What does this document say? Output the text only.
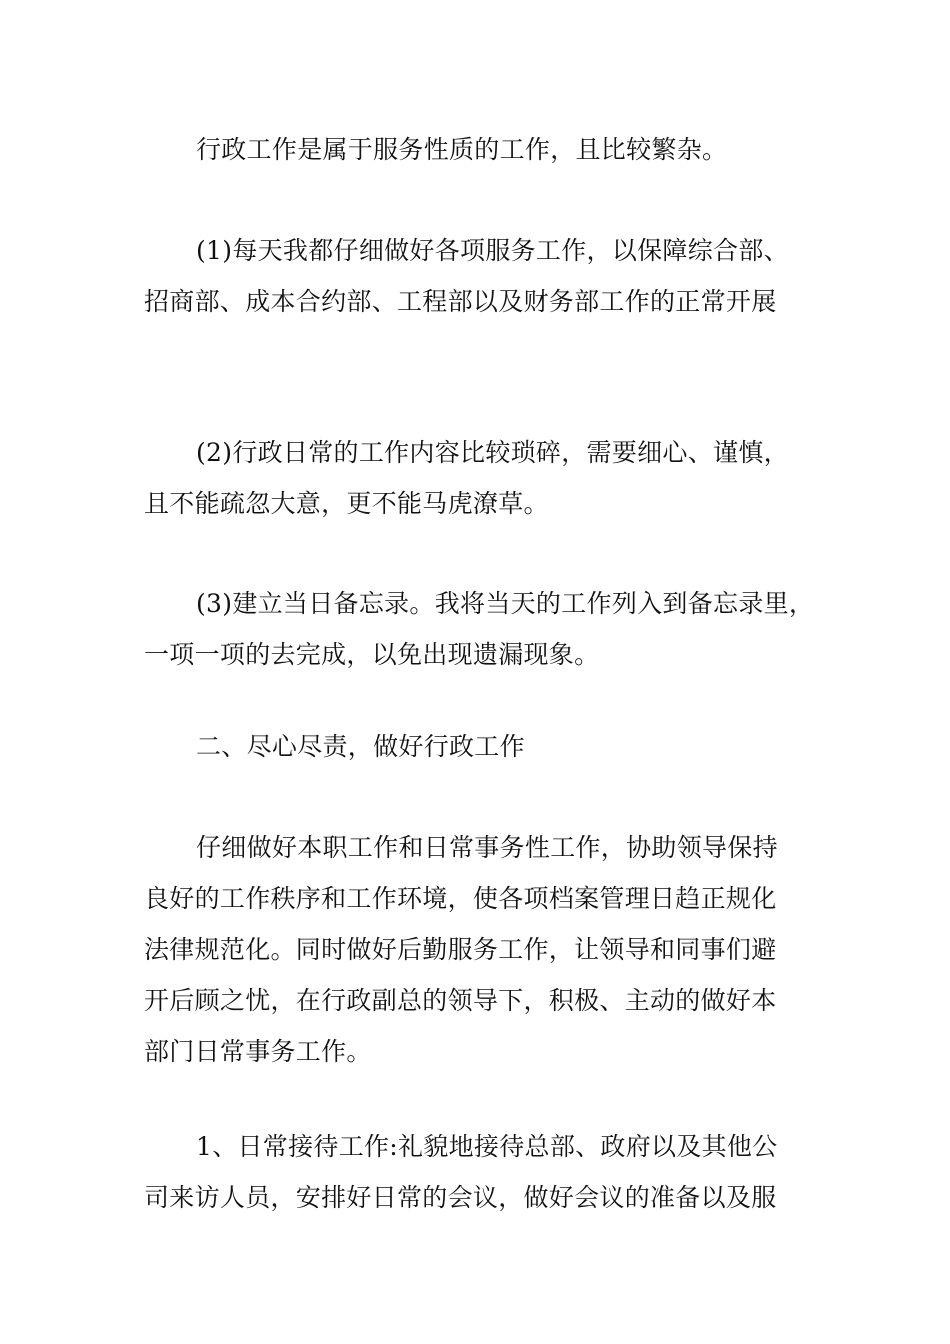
行政工作是属于服务性质的工作，且比较繁杂。

(1)每天我都仔细做好各项服务工作，以保障综合部、
招商部、成本合约部、工程部以及财务部工作的正常开展

(2)行政日常的工作内容比较琐碎，需要细心、谨慎，
且不能疏忽大意，更不能马虎潦草。

(3)建立当日备忘录。我将当天的工作列入到备忘录里，
一项一项的去完成，以免出现遗漏现象。

二、尽心尽责，做好行政工作

仔细做好本职工作和日常事务性工作，协助领导保持
良好的工作秩序和工作环境，使各项档案管理日趋正规化
法律规范化。同时做好后勤服务工作，让领导和同事们避
开后顾之忧，在行政副总的领导下，积极、主动的做好本
部门日常事务工作。

1、日常接待工作:礼貌地接待总部、政府以及其他公
司来访人员，安排好日常的会议，做好会议的准备以及服
